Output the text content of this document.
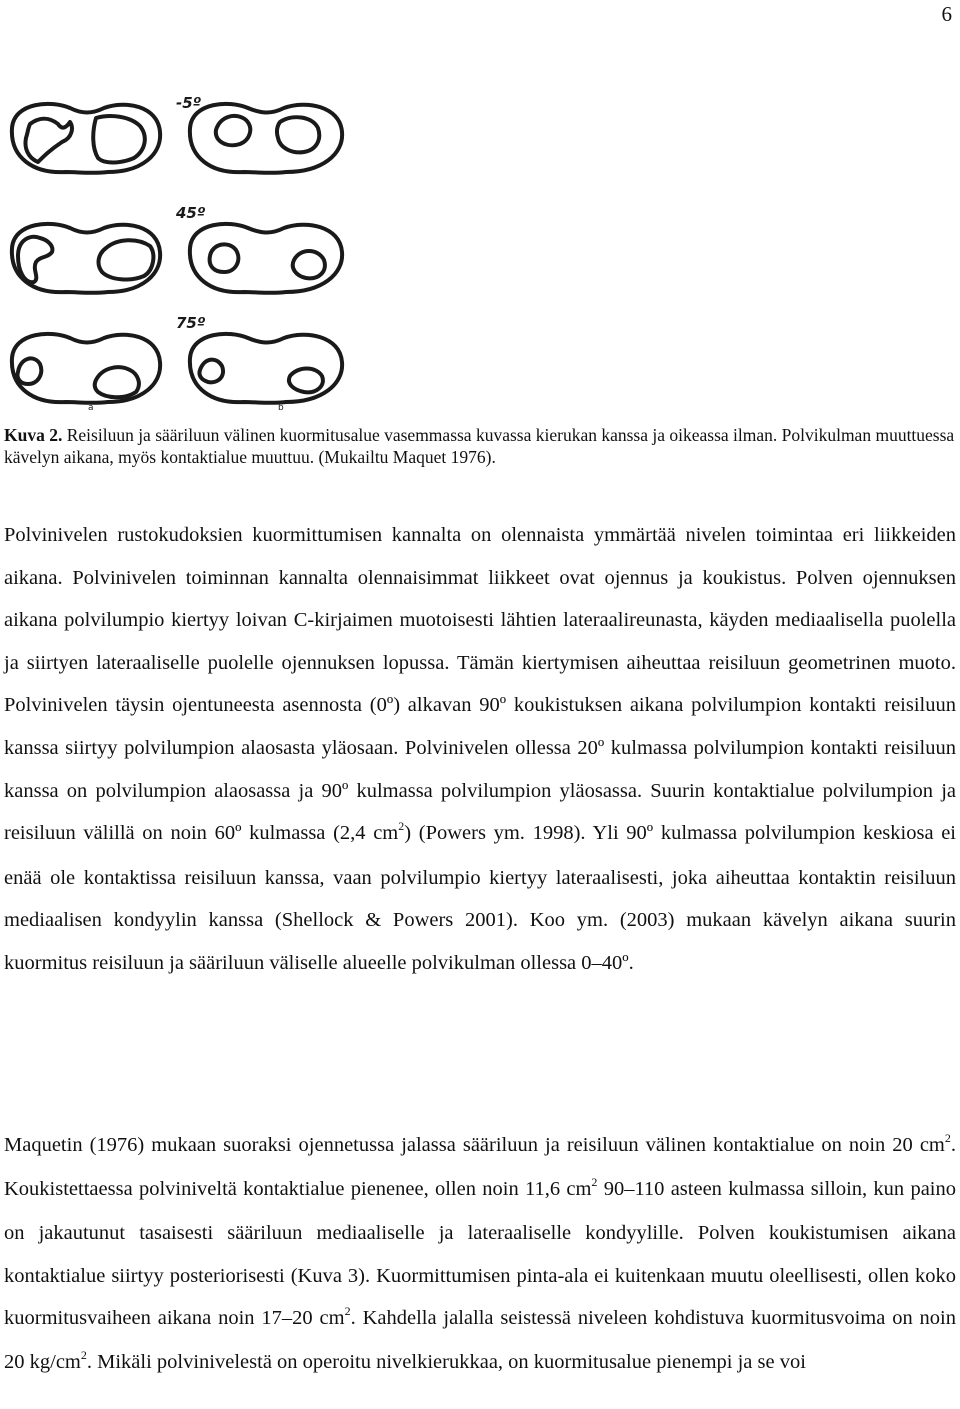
6
-5º
45º
75º
a	b
Kuva 2. Reisiluun ja sääriluun välinen kuormitusalue vasemmassa kuvassa kierukan kanssa ja oikeassa ilman. Polvikulman muuttuessa kävelyn aikana, myös kontaktialue muuttuu. (Mukailtu Maquet 1976).
Polvinivelen rustokudoksien kuormittumisen kannalta on olennaista ymmärtää nivelen toimintaa eri liikkeiden aikana. Polvinivelen toiminnan kannalta olennaisimmat liikkeet ovat ojennus ja koukistus. Polven ojennuksen aikana polvilumpio kiertyy loivan C-kirjaimen muotoisesti lähtien lateraalireunasta, käyden mediaalisella puolella ja siirtyen lateraaliselle puolelle ojennuksen lopussa. Tämän kiertymisen aiheuttaa reisiluun geometrinen muoto. Polvinivelen täysin ojentuneesta asennosta (0º) alkavan 90º koukistuksen aikana polvilumpion kontakti reisiluun kanssa siirtyy polvilumpion alaosasta yläosaan. Polvinivelen ollessa 20º kulmassa polvilumpion kontakti reisiluun kanssa on polvilumpion alaosassa ja 90º kulmassa polvilumpion yläosassa. Suurin kontaktialue polvilumpion ja reisiluun välillä on noin 60º kulmassa (2,4 $cm^2$) (Powers ym. 1998). Yli 90º kulmassa polvilumpion keskiosa ei enää ole kontaktissa reisiluun kanssa, vaan polvilumpio kiertyy lateraalisesti, joka aiheuttaa kontaktin reisiluun mediaalisen kondyylin kanssa (Shellock & Powers 2001). Koo ym. (2003) mukaan kävelyn aikana suurin kuormitus reisiluun ja sääriluun väliselle alueelle polvikulman ollessa 0–40º.
Maquetin (1976) mukaan suoraksi ojennetussa jalassa sääriluun ja reisiluun välinen kontaktialue on noin 20 $cm^2$. Koukistettaessa polviniveltä kontaktialue pienenee, ollen noin 11,6 $cm^2$ 90–110 asteen kulmassa silloin, kun paino on jakautunut tasaisesti sääriluun mediaaliselle ja lateraaliselle kondyylille. Polven koukistumisen aikana kontaktialue siirtyy posteriorisesti (Kuva 3). Kuormittumisen pinta-ala ei kuitenkaan muutu oleellisesti, ollen koko kuormitusvaiheen aikana noin 17–20 $cm^2$. Kahdella jalalla seistessä niveleen kohdistuva kuormitusvoima on noin 20 $kg/cm^2$. Mikäli polvinivelestä on operoitu nivelkierukkaa, on kuormitusalue pienempi ja se voi
